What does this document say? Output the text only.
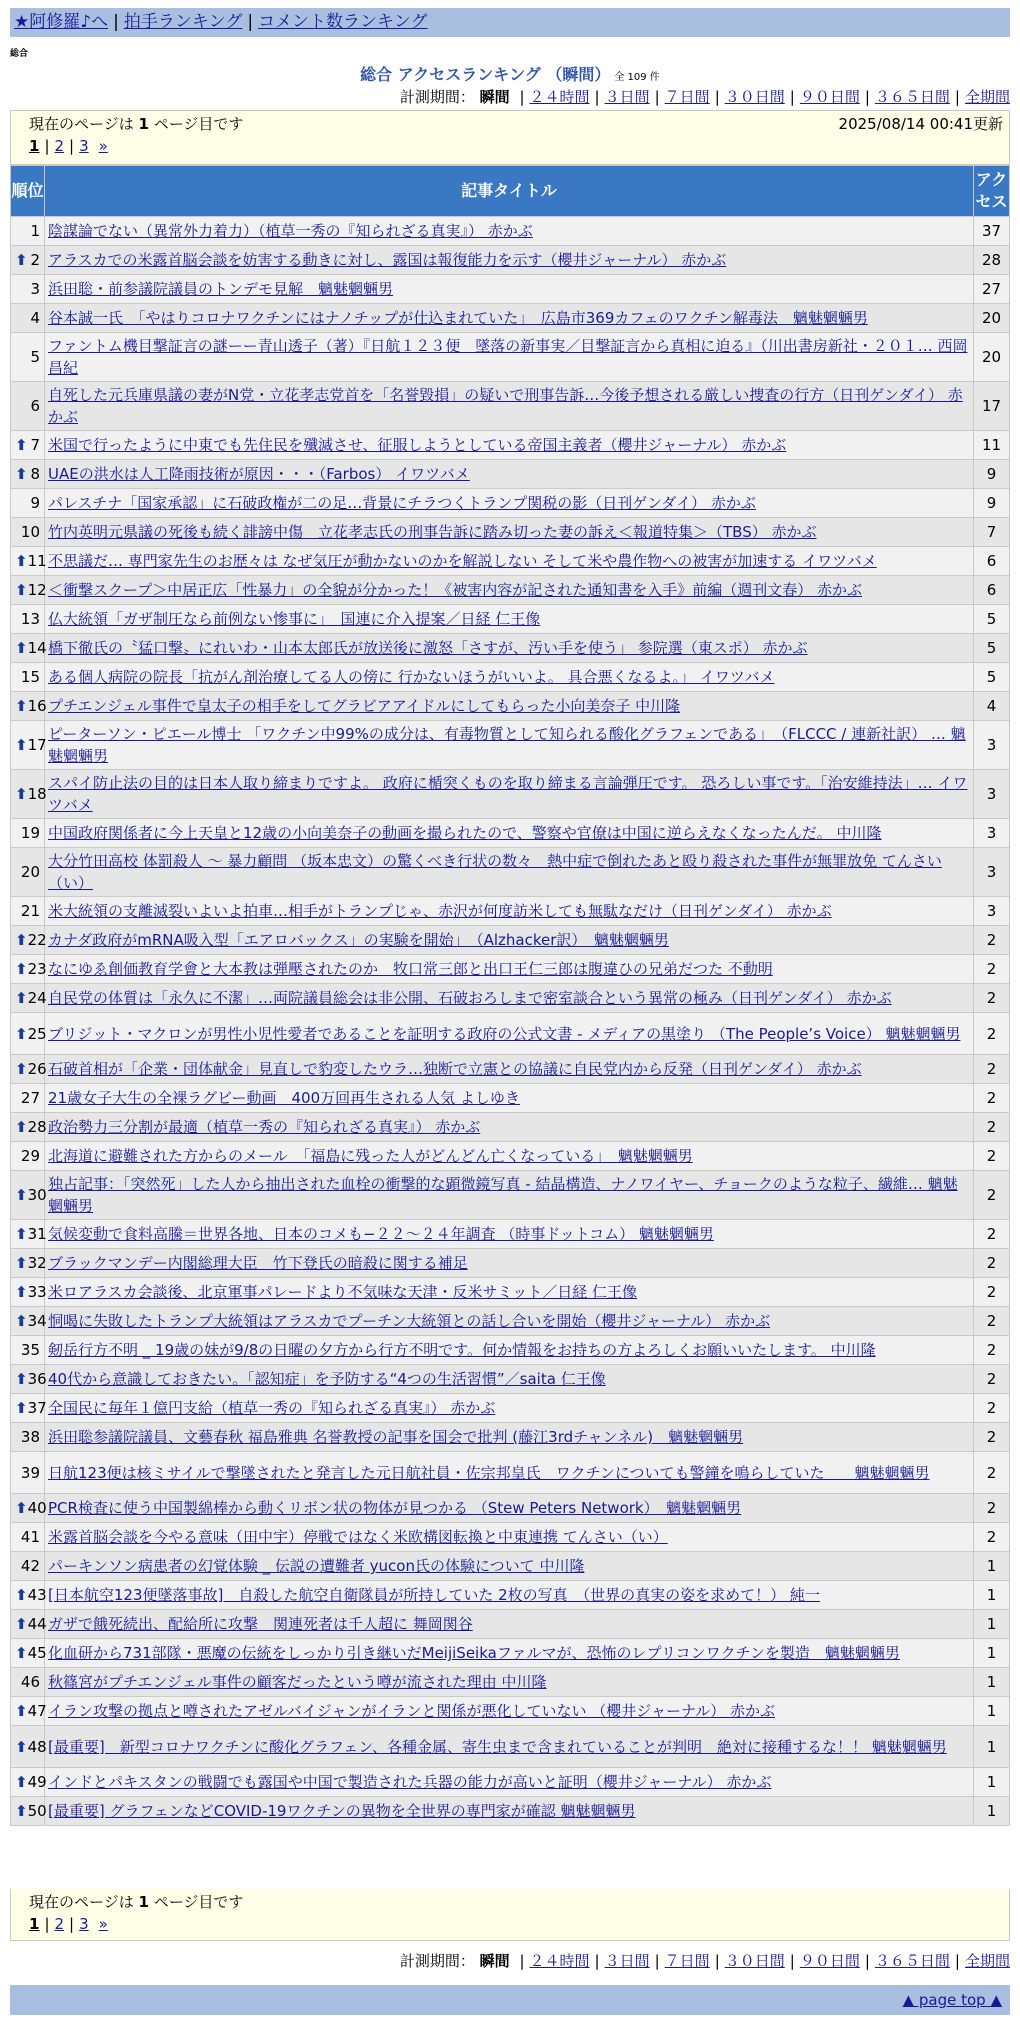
★阿修羅♪へ | 拍手ランキング | コメント数ランキング
総合
総合 アクセスランキング （瞬間） 全 109 件
計測期間： 瞬間 | ２４時間 | ３日間 | ７日間 | ３０日間 | ９０日間 | ３６５日間 | 全期間
現在のページは 1 ページ目です	2025/08/14 00:41更新
1 | 2 | 3 »
順位	記事タイトル	アクセス
1	陰謀論でない（異常外力着力）（植草一秀の『知られざる真実』） 赤かぶ	37

⬆ 2	アラスカでの米露首脳会談を妨害する動きに対し、露国は報復能力を示す（櫻井ジャーナル） 赤かぶ	28
3	浜田聡・前参議院議員のトンデモ見解　魑魅魍魎男	27
4	谷本誠一氏　「やはりコロナワクチンにはナノチップが仕込まれていた」　広島市369カフェのワクチン解毒法　魑魅魍魎男	20
5	ファントム機目撃証言の謎ーー青山透子（著）『日航１２３便　墜落の新事実／目撃証言から真相に迫る』（川出書房新社・２０１… 西岡昌紀	20
6	自死した元兵庫県議の妻がN党・立花孝志党首を「名誉毀損」の疑いで刑事告訴…今後予想される厳しい捜査の行方（日刊ゲンダイ） 赤かぶ	17

⬆ 7	米国で行ったように中東でも先住民を殲滅させ、征服しようとしている帝国主義者（櫻井ジャーナル） 赤かぶ	11

⬆ 8	UAEの洪水は人工降雨技術が原因・・・（Farbos） イワツバメ	9
9	パレスチナ「国家承認」に石破政権が二の足…背景にチラつくトランプ関税の影（日刊ゲンダイ） 赤かぶ	9
10	竹内英明元県議の死後も続く誹謗中傷　立花孝志氏の刑事告訴に踏み切った妻の訴え＜報道特集＞（TBS） 赤かぶ	7

⬆ 11	不思議だ… 専門家先生のお歴々は なぜ気圧が動かないのかを解説しない そして米や農作物への被害が加速する イワツバメ	6

⬆ 12	＜衝撃スクープ＞中居正広「性暴力」の全貌が分かった！《被害内容が記された通知書を入手》前編（週刊文春） 赤かぶ	6
13	仏大統領「ガザ制圧なら前例ない惨事に」　国連に介入提案／日経 仁王像	5

⬆ 14	橋下徹氏の〝猛口撃〟にれいわ・山本太郎氏が放送後に激怒「さすが、汚い手を使う」 参院選（東スポ） 赤かぶ	5
15	ある個人病院の院長「抗がん剤治療してる人の傍に 行かないほうがいいよ。 具合悪くなるよ。」 イワツバメ	5

⬆ 16	プチエンジェル事件で皇太子の相手をしてグラビアアイドルにしてもらった小向美奈子 中川隆	4

⬆ 17	ピーターソン・ピエール博士 「ワクチン中99%の成分は、有毒物質として知られる酸化グラフェンである」　（FLCCC / 連新社訳） … 魑魅魍魎男	3

⬆ 18	スパイ防止法の目的は日本人取り締まりですよ。 政府に楯突くものを取り締まる言論弾圧です。 恐ろしい事です。「治安維持法」… イワツバメ	3
19	中国政府関係者に今上天皇と12歳の小向美奈子の動画を撮られたので、警察や官僚は中国に逆らえなくなったんだ。 中川隆	3
20	大分竹田高校 体罰殺人 〜 暴力顧問 （坂本忠文）の驚くべき行状の数々　熱中症で倒れたあと殴り殺された事件が無罪放免 てんさい（い）	3
21	米大統領の支離滅裂いよいよ拍車…相手がトランプじゃ、赤沢が何度訪米しても無駄なだけ（日刊ゲンダイ） 赤かぶ	3

⬆ 22	カナダ政府がmRNA吸入型「エアロバックス」の実験を開始」　（Alzhacker訳）　魑魅魍魎男	2

⬆ 23	なにゆゑ創価教育学會と大本教は弾壓されたのか　牧口常三郎と出口王仁三郎は腹違ひの兄弟だつた 不動明	2

⬆ 24	自民党の体質は「永久に不潔」…両院議員総会は非公開、石破おろしまで密室談合という異常の極み（日刊ゲンダイ） 赤かぶ	2

⬆ 25	ブリジット・マクロンが男性小児性愛者であることを証明する政府の公式文書 - メディアの黒塗り （The People’s Voice） 魑魅魍魎男	2

⬆ 26	石破首相が「企業・団体献金」見直しで豹変したウラ…独断で立憲との協議に自民党内から反発（日刊ゲンダイ） 赤かぶ	2
27	21歳女子大生の全裸ラグビー動画　400万回再生される人気 よしゆき	2

⬆ 28	政治勢力三分割が最適（植草一秀の『知られざる真実』） 赤かぶ	2
29	北海道に避難された方からのメール　「福島に残った人がどんどん亡くなっている」　魑魅魍魎男	2

⬆ 30	独占記事：「突然死」した人から抽出された血栓の衝撃的な顕微鏡写真 - 結晶構造、ナノワイヤー、チョークのような粒子、繊維… 魑魅魍魎男	2

⬆ 31	気候変動で食料高騰＝世界各地、日本のコメも−２２〜２４年調査 （時事ドットコム） 魑魅魍魎男	2

⬆ 32	ブラックマンデー内閣総理大臣　竹下登氏の暗殺に関する補足	2

⬆ 33	米ロアラスカ会談後、北京軍事パレードより不気味な天津・反米サミット／日経 仁王像	2

⬆ 34	恫喝に失敗したトランプ大統領はアラスカでプーチン大統領との話し合いを開始（櫻井ジャーナル） 赤かぶ	2
35	剱岳行方不明 _ 19歳の妹が9/8の日曜の夕方から行方不明です。何か情報をお持ちの方よろしくお願いいたします。 中川隆	2

⬆ 36	40代から意識しておきたい。「認知症」を予防する“4つの生活習慣”／saita 仁王像	2

⬆ 37	全国民に毎年１億円支給（植草一秀の『知られざる真実』） 赤かぶ	2
38	浜田聡参議院議員、文藝春秋 福島雅典 名誉教授の記事を国会で批判 (藤江3rdチャンネル)　魑魅魍魎男	2
39	日航123便は核ミサイルで撃墜されたと発言した元日航社員・佐宗邦皇氏　ワクチンについても警鐘を鳴らしていた　　魑魅魍魎男	2

⬆ 40	PCR検査に使う中国製綿棒から動くリボン状の物体が見つかる （Stew Peters Network）　魑魅魍魎男	2
41	米露首脳会談を今やる意味（田中宇）停戦ではなく米欧構図転換と中東連携 てんさい（い）	2
42	パーキンソン病患者の幻覚体験 _ 伝説の遭難者 yucon氏の体験について 中川隆	1

⬆ 43	[日本航空123便墜落事故]　自殺した航空自衛隊員が所持していた 2枚の写真　（世界の真実の姿を求めて！） 純一	1

⬆ 44	ガザで餓死続出、配給所に攻撃　関連死者は千人超に 舞岡関谷	1

⬆ 45	化血研から731部隊・悪魔の伝統をしっかり引き継いだMeijiSeikaファルマが、恐怖のレプリコンワクチンを製造　魑魅魍魎男	1
46	秋篠宮がプチエンジェル事件の顧客だったという噂が流された理由 中川隆	1

⬆ 47	イラン攻撃の拠点と噂されたアゼルバイジャンがイランと関係が悪化していない （櫻井ジャーナル） 赤かぶ	1

⬆ 48	[最重要]　新型コロナワクチンに酸化グラフェン、各種金属、寄生虫まで含まれていることが判明　絶対に接種するな！！ 魑魅魍魎男	1

⬆ 49	インドとパキスタンの戦闘でも露国や中国で製造された兵器の能力が高いと証明（櫻井ジャーナル） 赤かぶ	1

⬆ 50	[最重要] グラフェンなどCOVID-19ワクチンの異物を全世界の専門家が確認 魑魅魍魎男	1
現在のページは 1 ページ目です
1 | 2 | 3 »
計測期間： 瞬間 | ２４時間 | ３日間 | ７日間 | ３０日間 | ９０日間 | ３６５日間 | 全期間
▲ page top ▲
